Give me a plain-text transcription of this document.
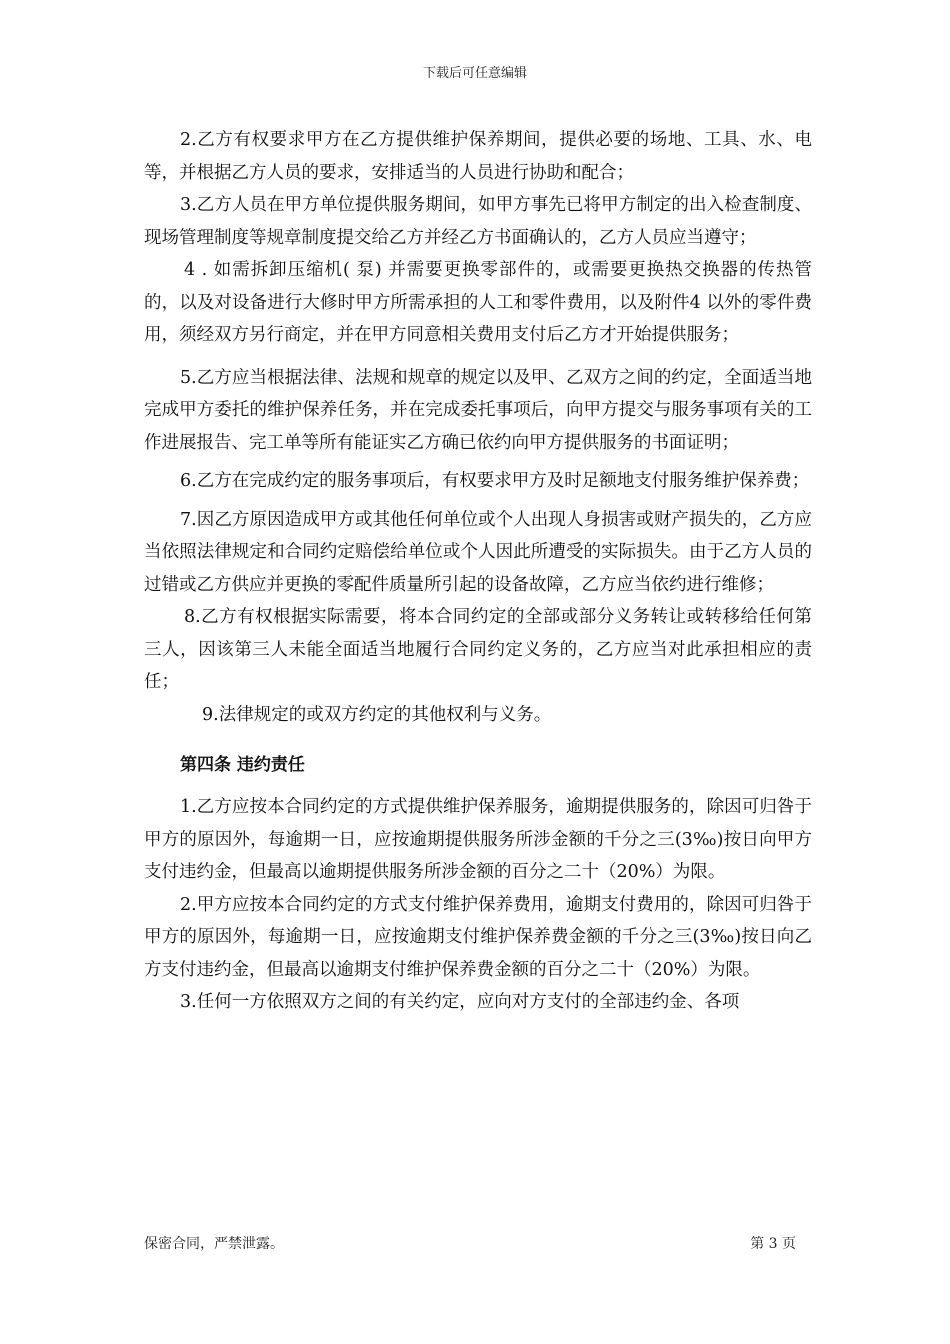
下载后可任意编辑

2.乙方有权要求甲方在乙方提供维护保养期间，提供必要的场地、工具、水、电等，并根据乙方人员的要求，安排适当的人员进行协助和配合；

3.乙方人员在甲方单位提供服务期间，如甲方事先已将甲方制定的出入检查制度、现场管理制度等规章制度提交给乙方并经乙方书面确认的，乙方人员应当遵守；

4 . 如需拆卸压缩机( 泵) 并需要更换零部件的，或需要更换热交换器的传热管的，以及对设备进行大修时甲方所需承担的人工和零件费用，以及附件4 以外的零件费用，须经双方另行商定，并在甲方同意相关费用支付后乙方才开始提供服务；

5.乙方应当根据法律、法规和规章的规定以及甲、乙双方之间的约定，全面适当地完成甲方委托的维护保养任务，并在完成委托事项后，向甲方提交与服务事项有关的工作进展报告、完工单等所有能证实乙方确已依约向甲方提供服务的书面证明；

6.乙方在完成约定的服务事项后，有权要求甲方及时足额地支付服务维护保养费；

7.因乙方原因造成甲方或其他任何单位或个人出现人身损害或财产损失的，乙方应当依照法律规定和合同约定赔偿给单位或个人因此所遭受的实际损失。由于乙方人员的过错或乙方供应并更换的零配件质量所引起的设备故障，乙方应当依约进行维修；

8.乙方有权根据实际需要，将本合同约定的全部或部分义务转让或转移给任何第三人，因该第三人未能全面适当地履行合同约定义务的，乙方应当对此承担相应的责任；

9.法律规定的或双方约定的其他权利与义务。

第四条 违约责任

1.乙方应按本合同约定的方式提供维护保养服务，逾期提供服务的，除因可归咎于甲方的原因外，每逾期一日，应按逾期提供服务所涉金额的千分之三(3‰)按日向甲方支付违约金，但最高以逾期提供服务所涉金额的百分之二十（20%）为限。

2.甲方应按本合同约定的方式支付维护保养费用，逾期支付费用的，除因可归咎于甲方的原因外，每逾期一日，应按逾期支付维护保养费金额的千分之三(3‰)按日向乙方支付违约金，但最高以逾期支付维护保养费金额的百分之二十（20%）为限。

3.任何一方依照双方之间的有关约定，应向对方支付的全部违约金、各项

保密合同，严禁泄露。	第 3 页
